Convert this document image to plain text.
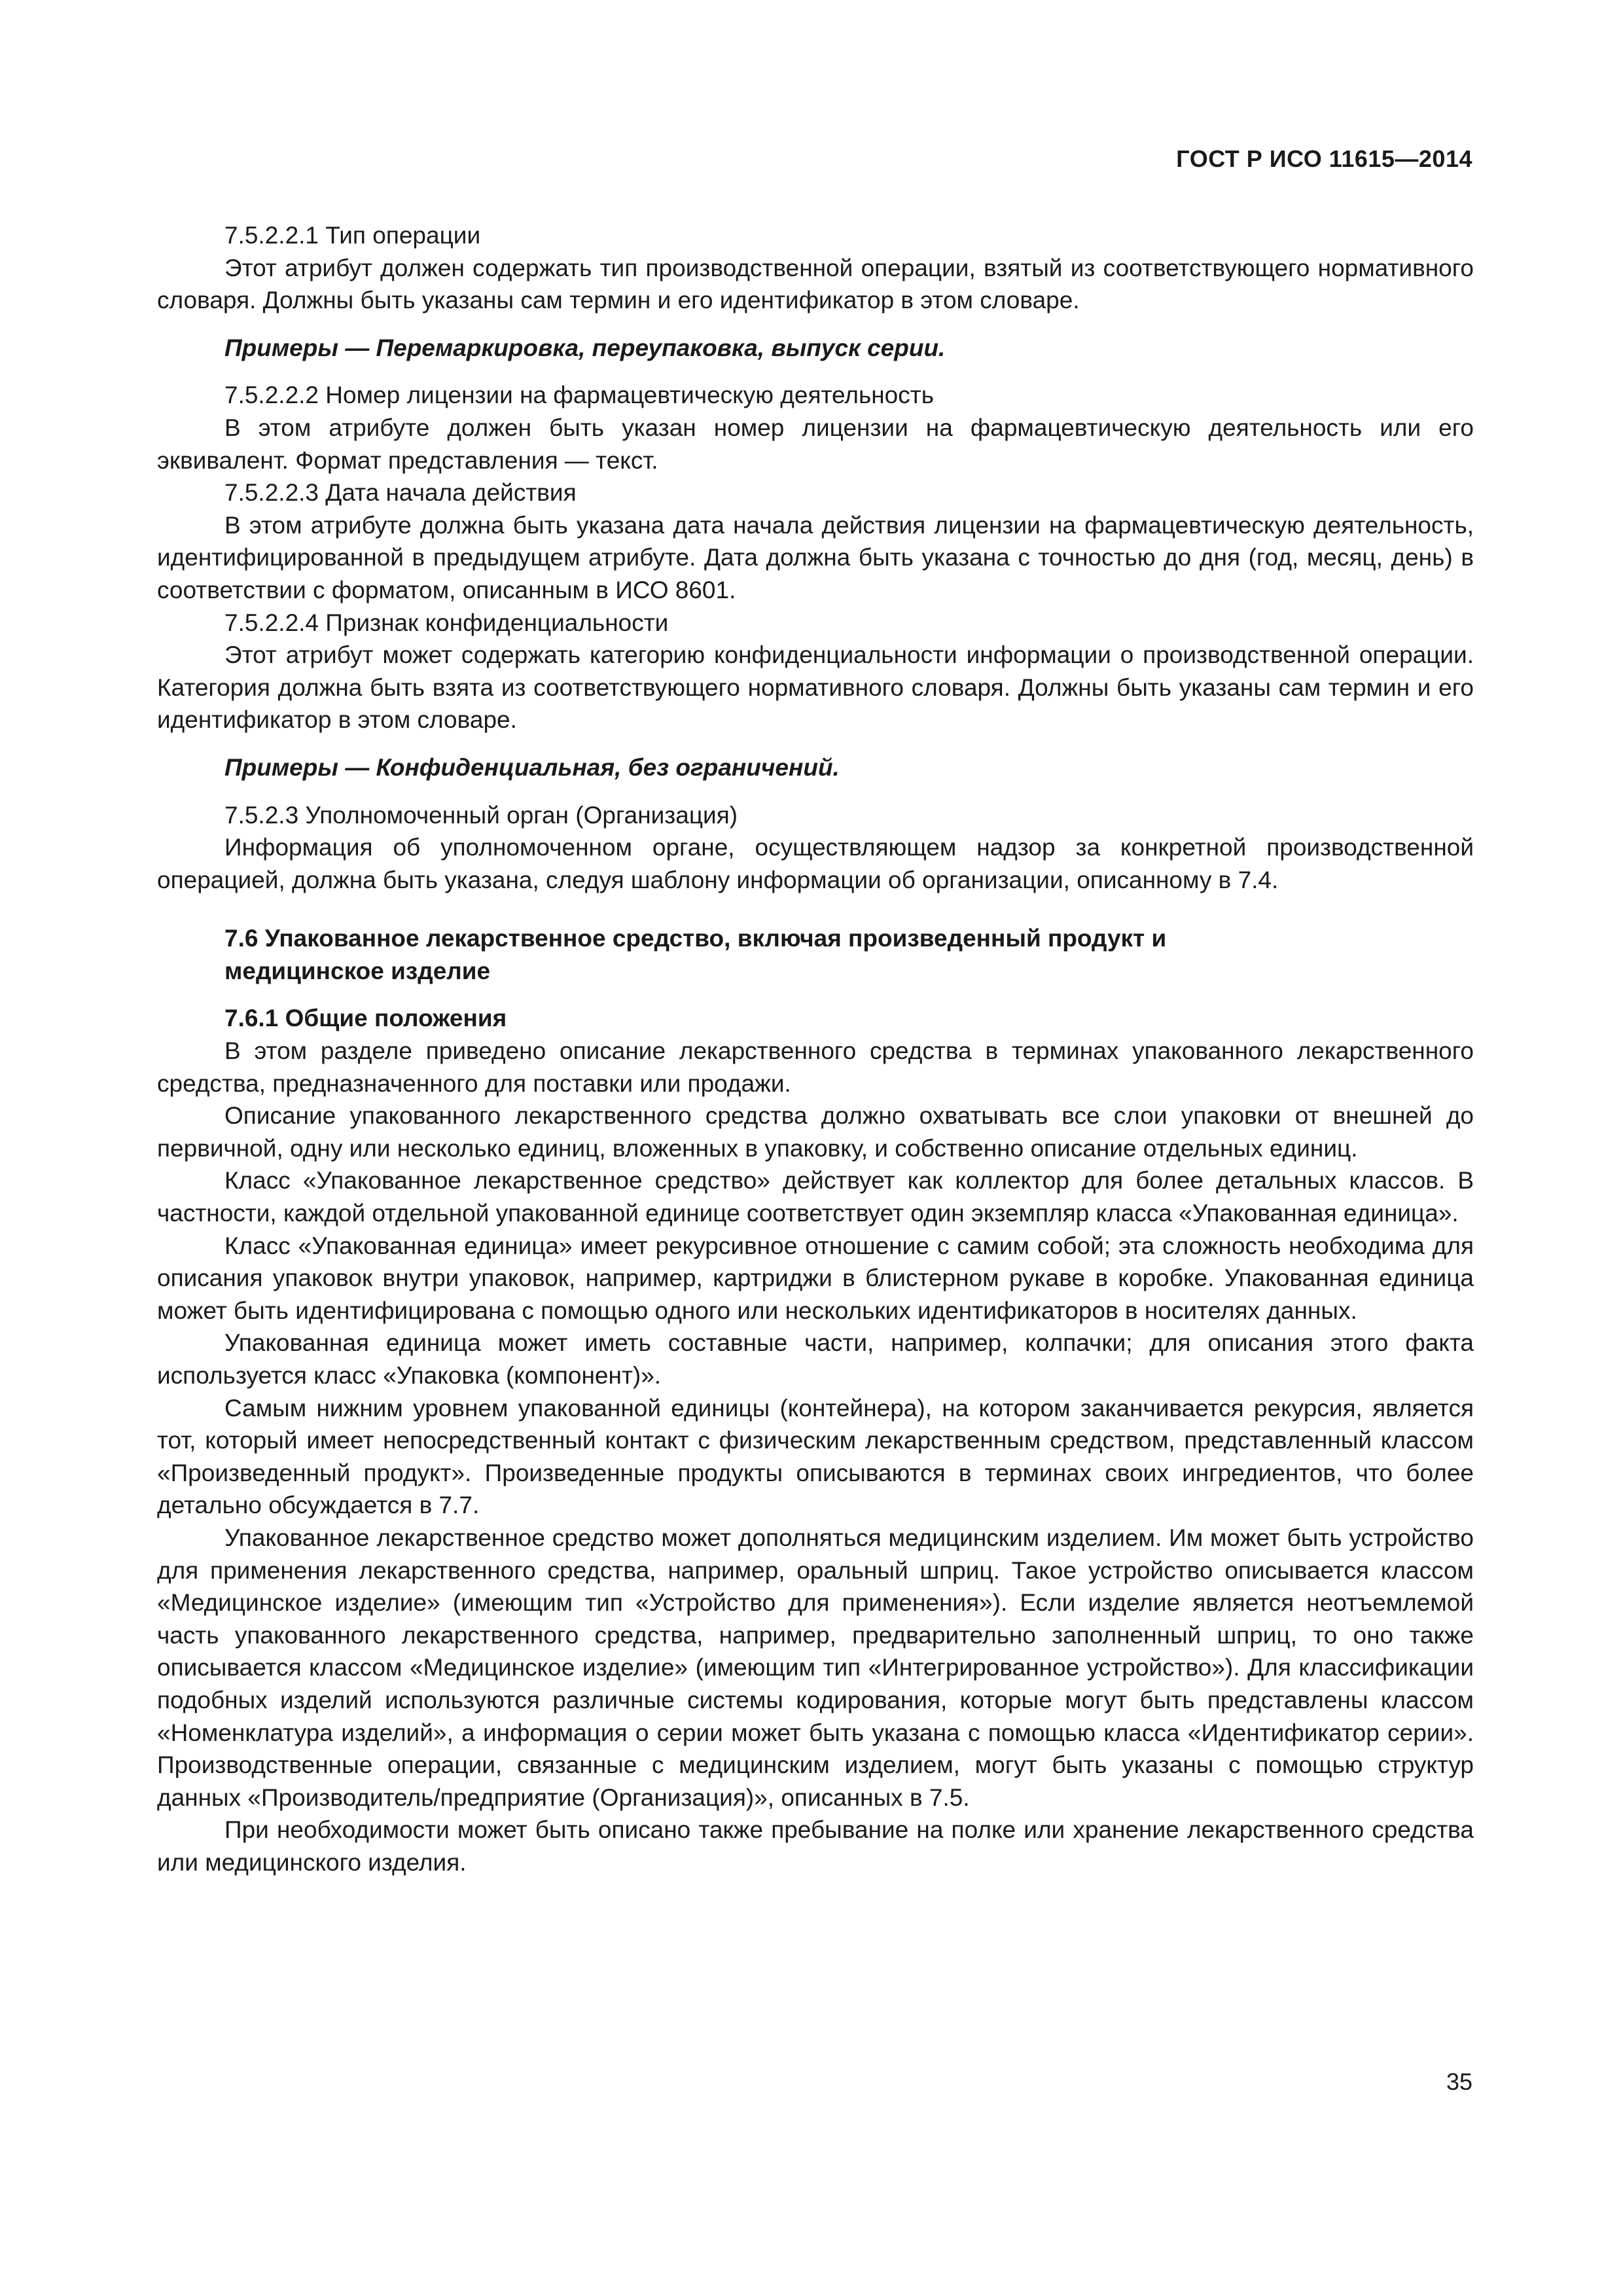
ГОСТ Р ИСО 11615—2014

7.5.2.2.1 Тип операции

Этот атрибут должен содержать тип производственной операции, взятый из соответствующего нормативного словаря. Должны быть указаны сам термин и его идентификатор в этом словаре.

Примеры — Перемаркировка, переупаковка, выпуск серии.

7.5.2.2.2 Номер лицензии на фармацевтическую деятельность

В этом атрибуте должен быть указан номер лицензии на фармацевтическую деятельность или его эквивалент. Формат представления — текст.

7.5.2.2.3 Дата начала действия

В этом атрибуте должна быть указана дата начала действия лицензии на фармацевтическую деятельность, идентифицированной в предыдущем атрибуте. Дата должна быть указана с точностью до дня (год, месяц, день) в соответствии с форматом, описанным в ИСО 8601.

7.5.2.2.4 Признак конфиденциальности

Этот атрибут может содержать категорию конфиденциальности информации о производственной операции. Категория должна быть взята из соответствующего нормативного словаря. Должны быть указаны сам термин и его идентификатор в этом словаре.

Примеры — Конфиденциальная, без ограничений.

7.5.2.3 Уполномоченный орган (Организация)

Информация об уполномоченном органе, осуществляющем надзор за конкретной производственной операцией, должна быть указана, следуя шаблону информации об организации, описанному в 7.4.

7.6 Упакованное лекарственное средство, включая произведенный продукт и медицинское изделие

7.6.1 Общие положения

В этом разделе приведено описание лекарственного средства в терминах упакованного лекарственного средства, предназначенного для поставки или продажи.

Описание упакованного лекарственного средства должно охватывать все слои упаковки от внешней до первичной, одну или несколько единиц, вложенных в упаковку, и собственно описание отдельных единиц.

Класс «Упакованное лекарственное средство» действует как коллектор для более детальных классов. В частности, каждой отдельной упакованной единице соответствует один экземпляр класса «Упакованная единица».

Класс «Упакованная единица» имеет рекурсивное отношение с самим собой; эта сложность необходима для описания упаковок внутри упаковок, например, картриджи в блистерном рукаве в коробке. Упакованная единица может быть идентифицирована с помощью одного или нескольких идентификаторов в носителях данных.

Упакованная единица может иметь составные части, например, колпачки; для описания этого факта используется класс «Упаковка (компонент)».

Самым нижним уровнем упакованной единицы (контейнера), на котором заканчивается рекурсия, является тот, который имеет непосредственный контакт с физическим лекарственным средством, представленный классом «Произведенный продукт». Произведенные продукты описываются в терминах своих ингредиентов, что более детально обсуждается в 7.7.

Упакованное лекарственное средство может дополняться медицинским изделием. Им может быть устройство для применения лекарственного средства, например, оральный шприц. Такое устройство описывается классом «Медицинское изделие» (имеющим тип «Устройство для применения»). Если изделие является неотъемлемой часть упакованного лекарственного средства, например, предварительно заполненный шприц, то оно также описывается классом «Медицинское изделие» (имеющим тип «Интегрированное устройство»). Для классификации подобных изделий используются различные системы кодирования, которые могут быть представлены классом «Номенклатура изделий», а информация о серии может быть указана с помощью класса «Идентификатор серии». Производственные операции, связанные с медицинским изделием, могут быть указаны с помощью структур данных «Производитель/предприятие (Организация)», описанных в 7.5.

При необходимости может быть описано также пребывание на полке или хранение лекарственного средства или медицинского изделия.

35
